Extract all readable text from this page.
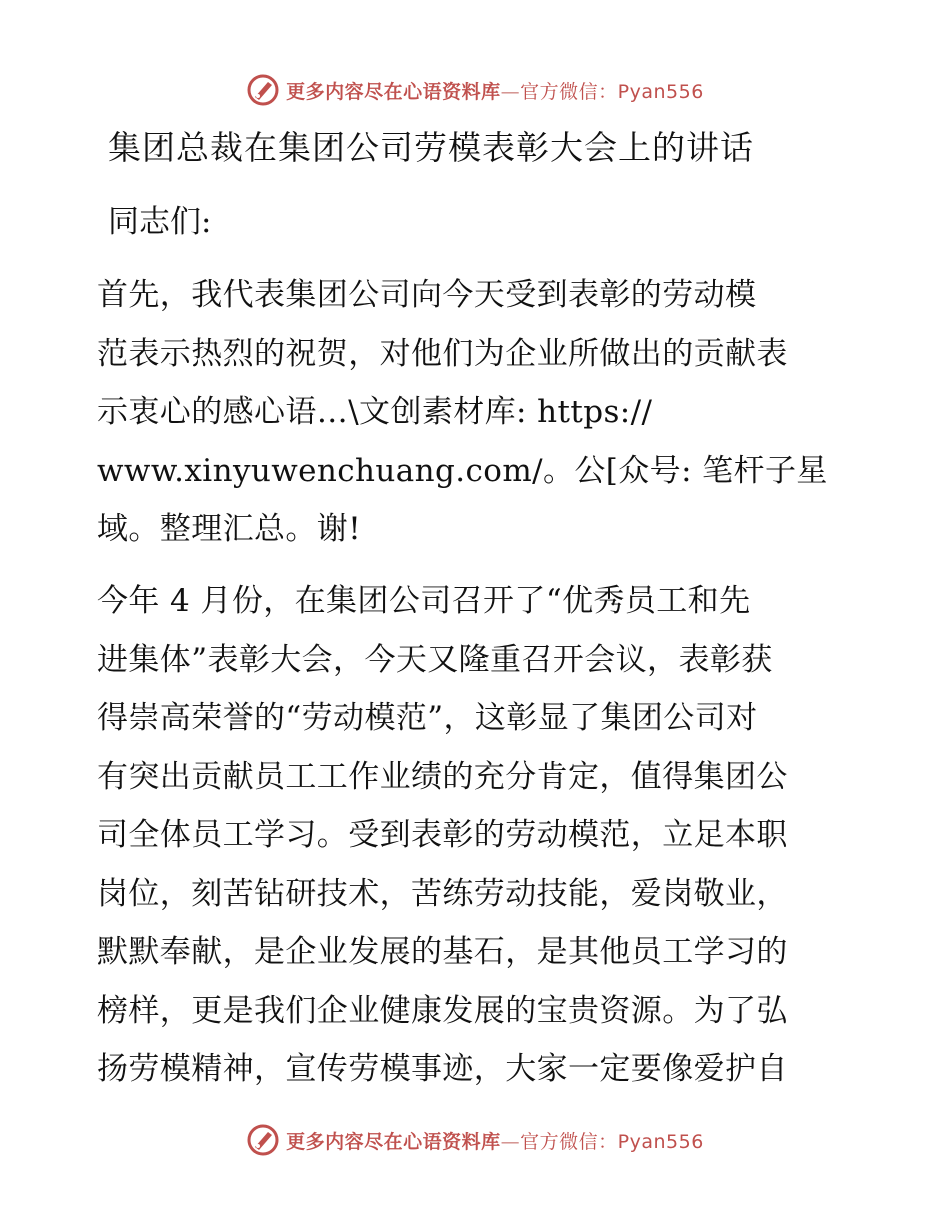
更多内容尽在心语资料库—官方微信：Pyan556
集团总裁在集团公司劳模表彰大会上的讲话
同志们:
首先，我代表集团公司向今天受到表彰的劳动模
范表示热烈的祝贺，对他们为企业所做出的贡献表
示衷心的感心语…\文创素材库: https://
www.xinyuwenchuang.com/。公[众号: 笔杆子星
域。整理汇总。谢!
今年 4 月份，在集团公司召开了“优秀员工和先
进集体”表彰大会，今天又隆重召开会议，表彰获
得崇高荣誉的“劳动模范”，这彰显了集团公司对
有突出贡献员工工作业绩的充分肯定，值得集团公
司全体员工学习。受到表彰的劳动模范，立足本职
岗位，刻苦钻研技术，苦练劳动技能，爱岗敬业，
默默奉献，是企业发展的基石，是其他员工学习的
榜样，更是我们企业健康发展的宝贵资源。为了弘
扬劳模精神，宣传劳模事迹，大家一定要像爱护自
更多内容尽在心语资料库—官方微信：Pyan556
